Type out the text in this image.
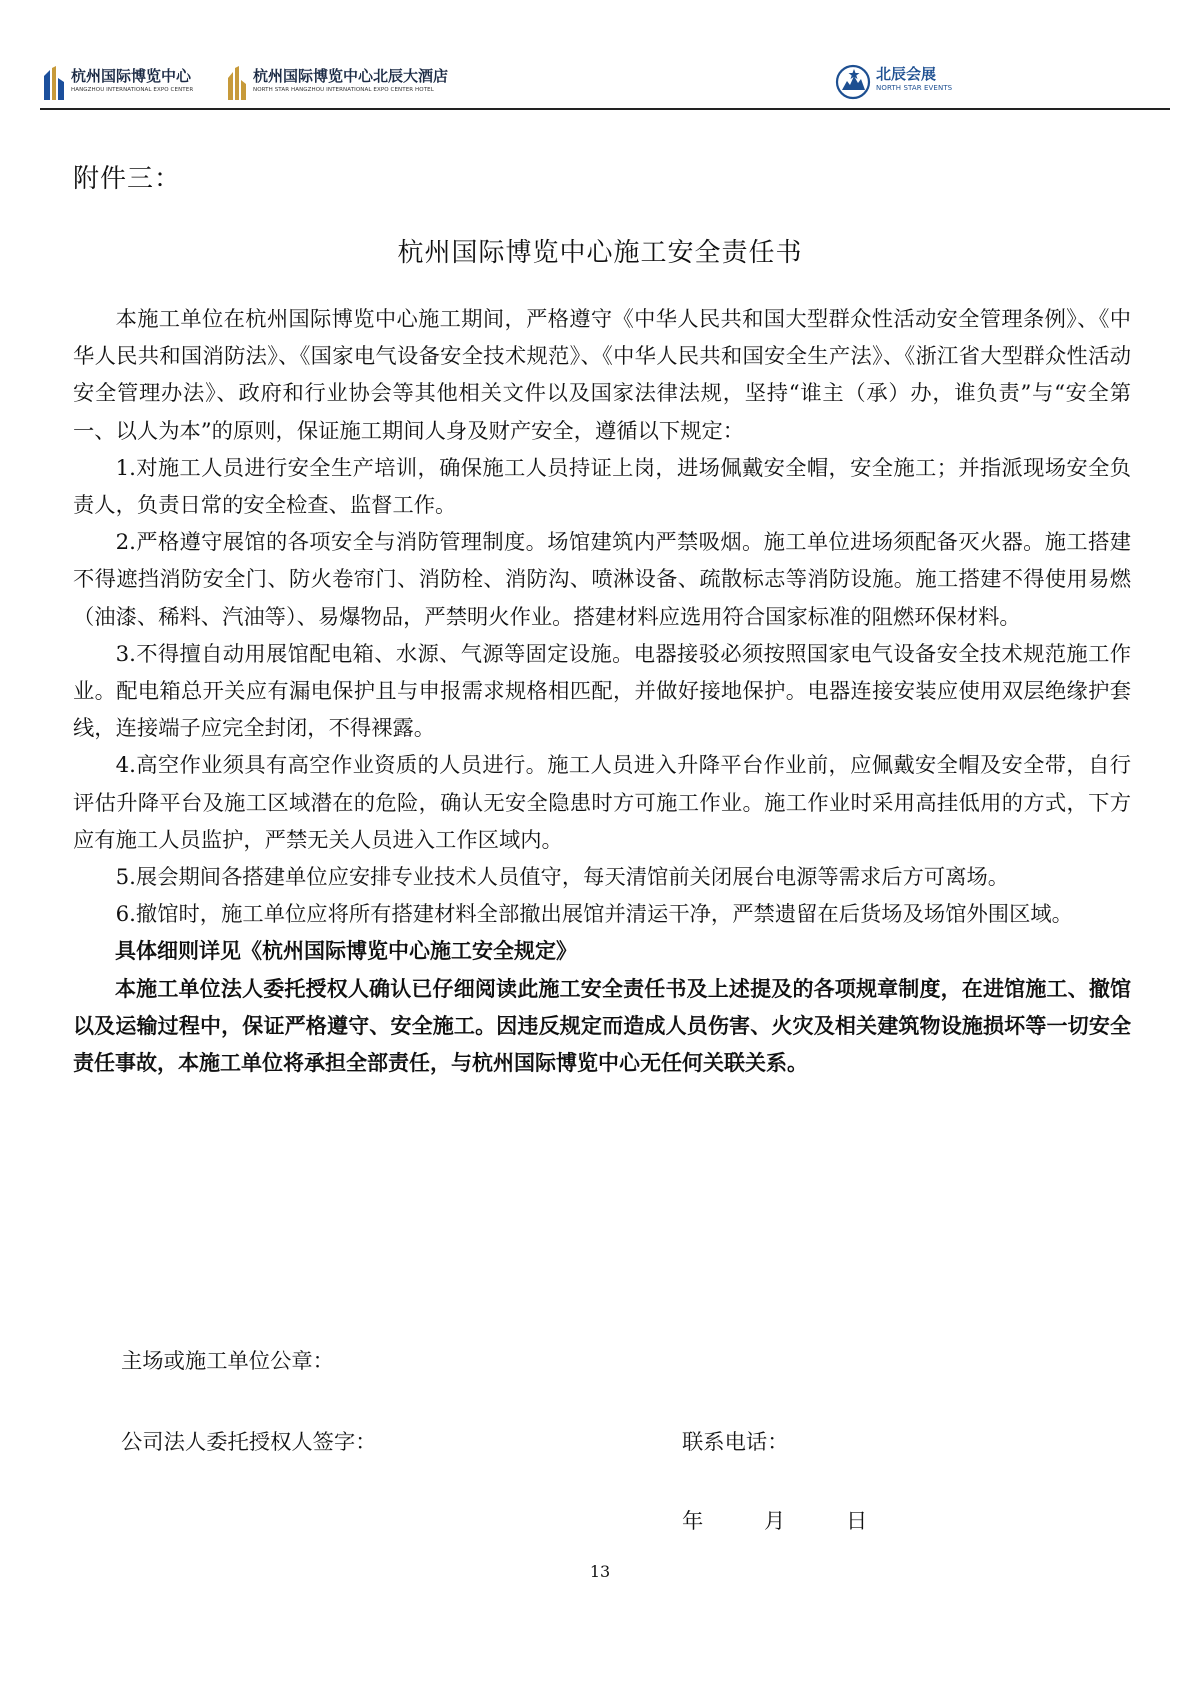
杭州国际博览中心
HANGZHOU INTERNATIONAL EXPO CENTER
杭州国际博览中心北辰大酒店
NORTH STAR HANGZHOU INTERNATIONAL EXPO CENTER HOTEL
北辰会展
NORTH STAR EVENTS
附件三：
杭州国际博览中心施工安全责任书

本施工单位在杭州国际博览中心施工期间，严格遵守《中华人民共和国大型群众性活动安全管理条例》、《中华人民共和国消防法》、《国家电气设备安全技术规范》、《中华人民共和国安全生产法》、《浙江省大型群众性活动安全管理办法》、政府和行业协会等其他相关文件以及国家法律法规，坚持“谁主（承）办，谁负责”与“安全第一、以人为本”的原则，保证施工期间人身及财产安全，遵循以下规定：

1.对施工人员进行安全生产培训，确保施工人员持证上岗，进场佩戴安全帽，安全施工；并指派现场安全负责人，负责日常的安全检查、监督工作。

2.严格遵守展馆的各项安全与消防管理制度。场馆建筑内严禁吸烟。施工单位进场须配备灭火器。施工搭建不得遮挡消防安全门、防火卷帘门、消防栓、消防沟、喷淋设备、疏散标志等消防设施。施工搭建不得使用易燃（油漆、稀料、汽油等）、易爆物品，严禁明火作业。搭建材料应选用符合国家标准的阻燃环保材料。

3.不得擅自动用展馆配电箱、水源、气源等固定设施。电器接驳必须按照国家电气设备安全技术规范施工作业。配电箱总开关应有漏电保护且与申报需求规格相匹配，并做好接地保护。电器连接安装应使用双层绝缘护套线，连接端子应完全封闭，不得裸露。

4.高空作业须具有高空作业资质的人员进行。施工人员进入升降平台作业前，应佩戴安全帽及安全带，自行评估升降平台及施工区域潜在的危险，确认无安全隐患时方可施工作业。施工作业时采用高挂低用的方式，下方应有施工人员监护，严禁无关人员进入工作区域内。

5.展会期间各搭建单位应安排专业技术人员值守，每天清馆前关闭展台电源等需求后方可离场。

6.撤馆时，施工单位应将所有搭建材料全部撤出展馆并清运干净，严禁遗留在后货场及场馆外围区域。

具体细则详见《杭州国际博览中心施工安全规定》

本施工单位法人委托授权人确认已仔细阅读此施工安全责任书及上述提及的各项规章制度，在进馆施工、撤馆以及运输过程中，保证严格遵守、安全施工。因违反规定而造成人员伤害、火灾及相关建筑物设施损坏等一切安全责任事故，本施工单位将承担全部责任，与杭州国际博览中心无任何关联关系。

主场或施工单位公章：
公司法人委托授权人签字：	联系电话：
年	月	日
13
